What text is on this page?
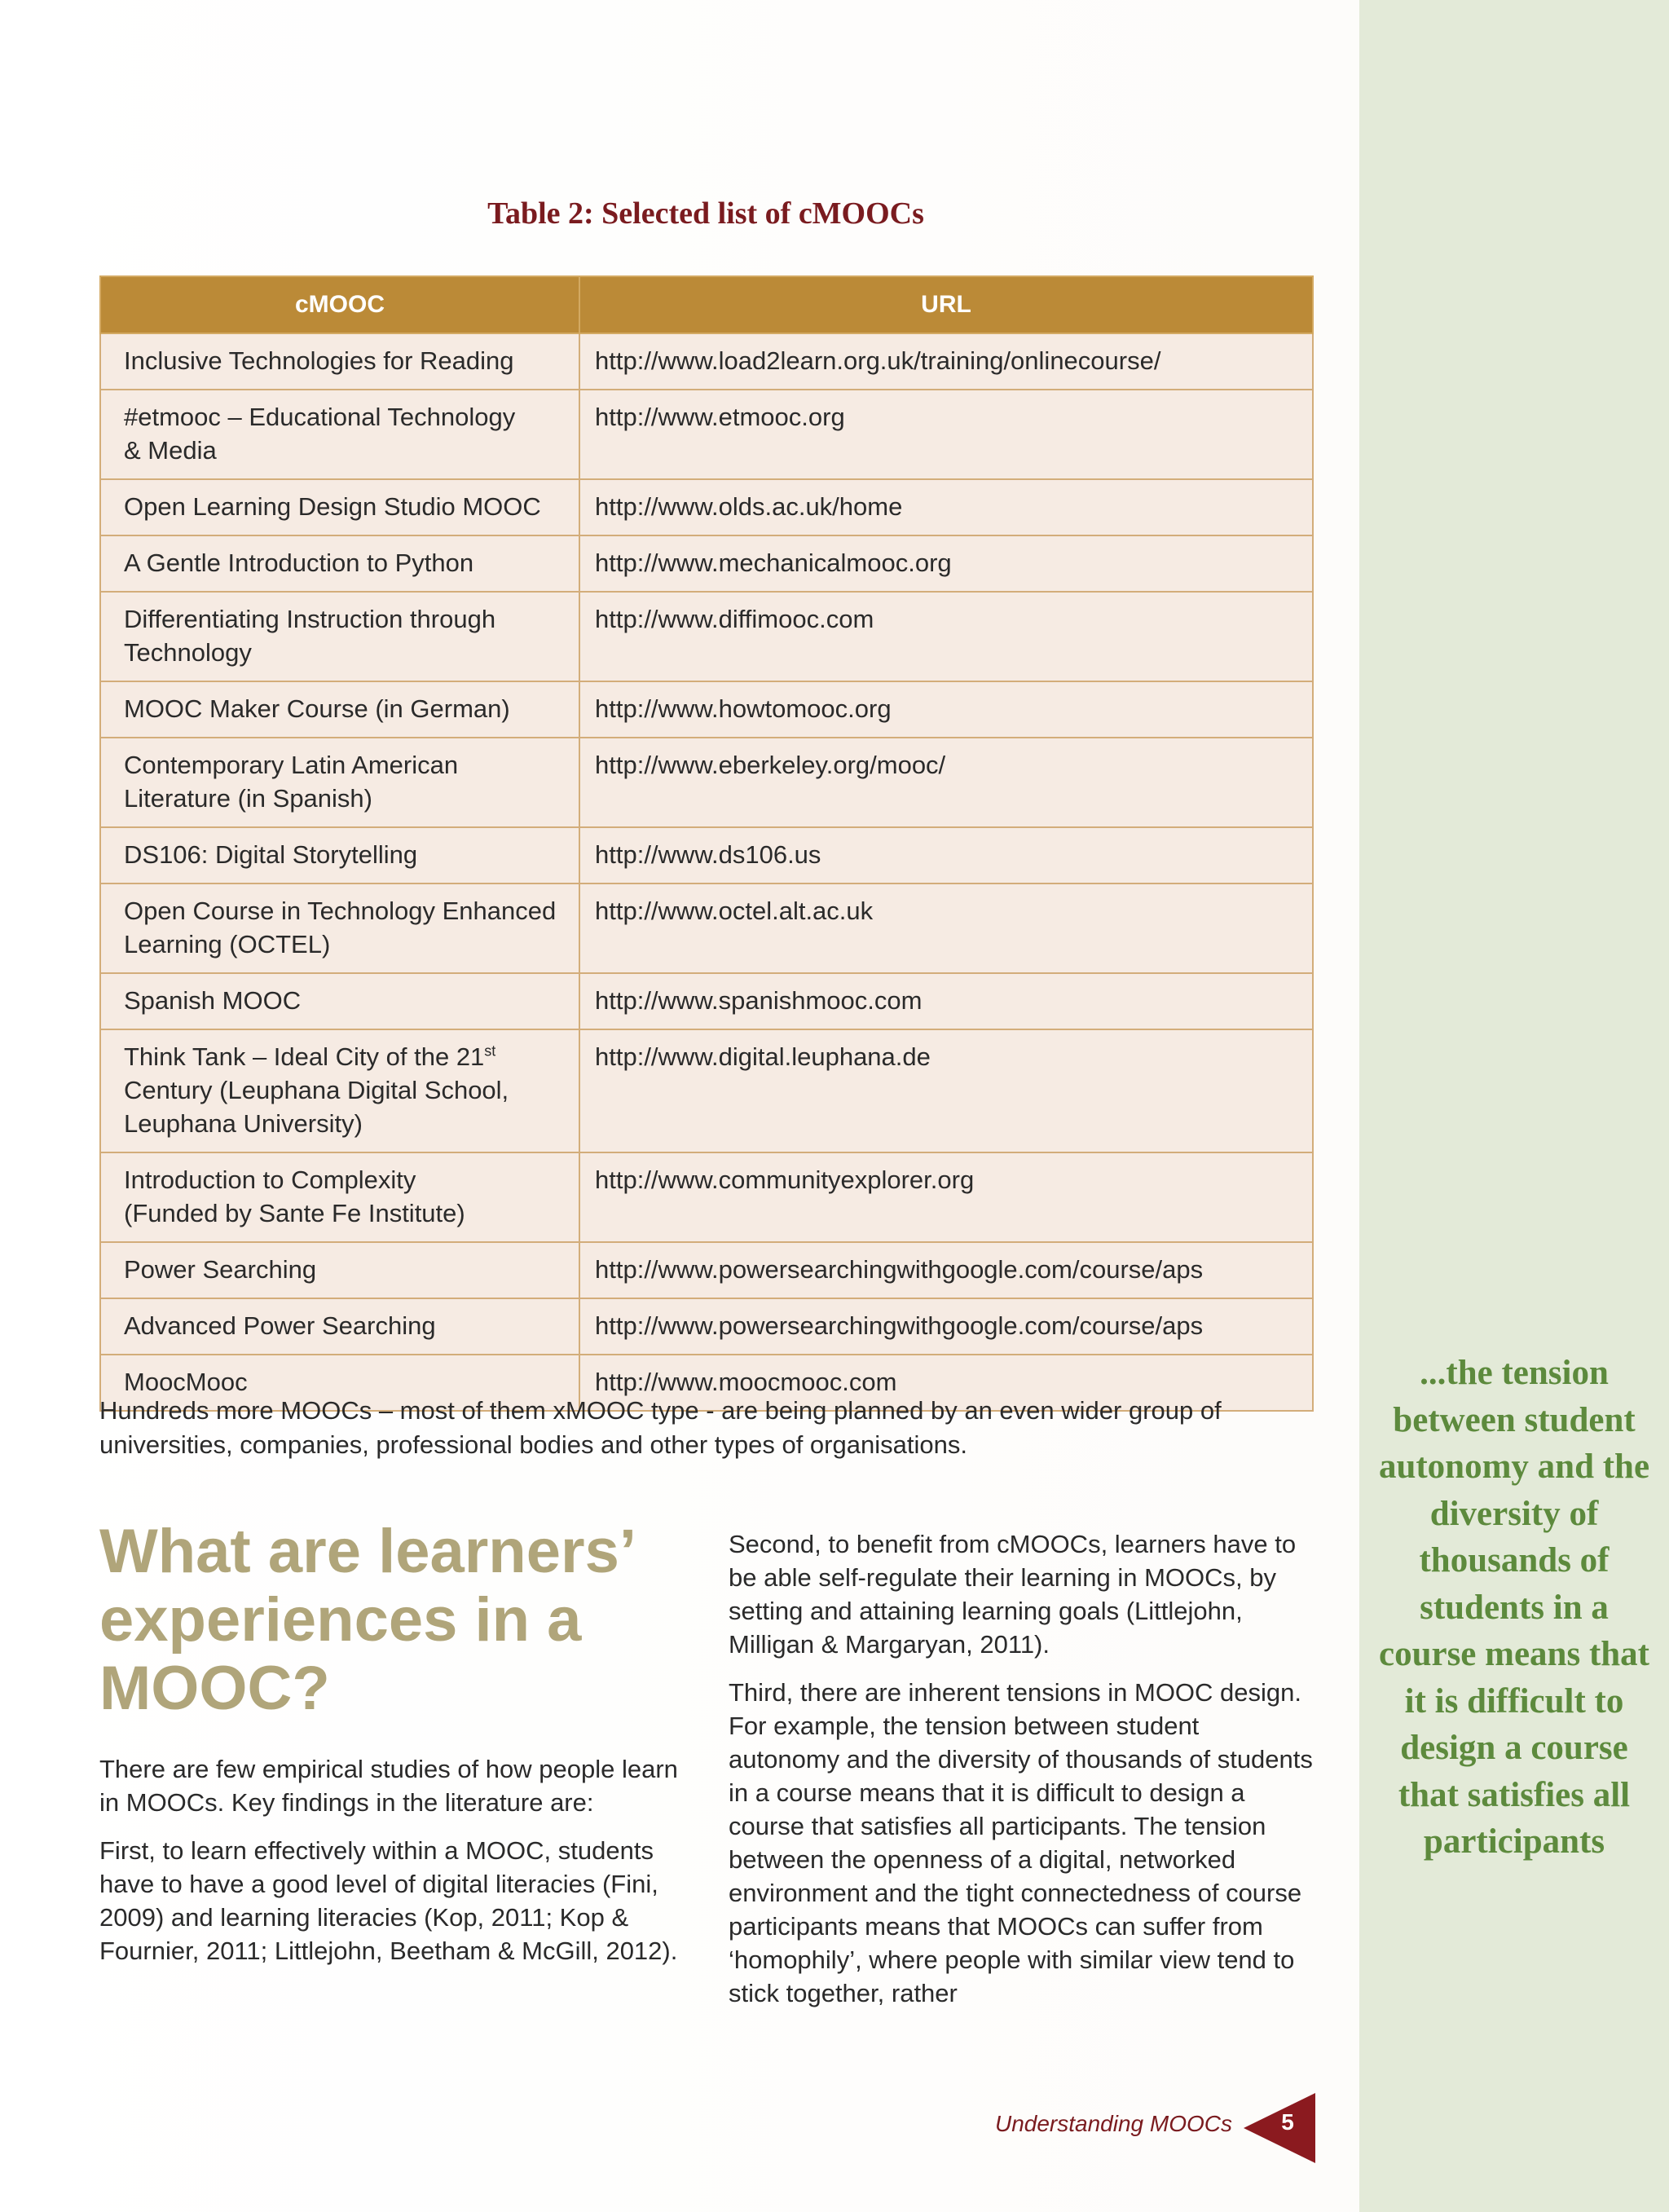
Table 2: Selected list of cMOOCs
cMOOC	URL
Inclusive Technologies for Reading	http://www.load2learn.org.uk/training/onlinecourse/
#etmooc – Educational Technology
& Media	http://www.etmooc.org
Open Learning Design Studio MOOC	http://www.olds.ac.uk/home
A Gentle Introduction to Python	http://www.mechanicalmooc.org
Differentiating Instruction through
Technology	http://www.diffimooc.com
MOOC Maker Course (in German)	http://www.howtomooc.org
Contemporary Latin American
Literature (in Spanish)	http://www.eberkeley.org/mooc/
DS106: Digital Storytelling	http://www.ds106.us
Open Course in Technology Enhanced
Learning (OCTEL)	http://www.octel.alt.ac.uk
Spanish MOOC	http://www.spanishmooc.com
Think Tank – Ideal City of the 21st
Century (Leuphana Digital School,
Leuphana University)	http://www.digital.leuphana.de
Introduction to Complexity
(Funded by Sante Fe Institute)	http://www.communityexplorer.org
Power Searching	http://www.powersearchingwithgoogle.com/course/aps
Advanced Power Searching	http://www.powersearchingwithgoogle.com/course/aps
MoocMooc	http://www.moocmooc.com
Hundreds more MOOCs – most of them xMOOC type - are being planned by an even wider group of universities, companies, professional bodies and other types of organisations.
What are learners’ experiences in a MOOC?

There are few empirical studies of how people learn in MOOCs. Key findings in the literature are:

First, to learn effectively within a MOOC, students have to have a good level of digital literacies (Fini, 2009) and learning literacies (Kop, 2011; Kop & Fournier, 2011; Littlejohn, Beetham & McGill, 2012).

Second, to benefit from cMOOCs, learners have to be able self-regulate their learning in MOOCs, by setting and attaining learning goals (Littlejohn, Milligan & Margaryan, 2011).

Third, there are inherent tensions in MOOC design. For example, the tension between student autonomy and the diversity of thousands of students in a course means that it is difficult to design a course that satisfies all participants. The tension between the openness of a digital, networked environment and the tight connectedness of course participants means that MOOCs can suffer from ‘homophily’, where people with similar view tend to stick together, rather

...the tension between student autonomy and the diversity of thousands of students in a course means that it is difficult to design a course that satisfies all participants
Understanding MOOCs	5
